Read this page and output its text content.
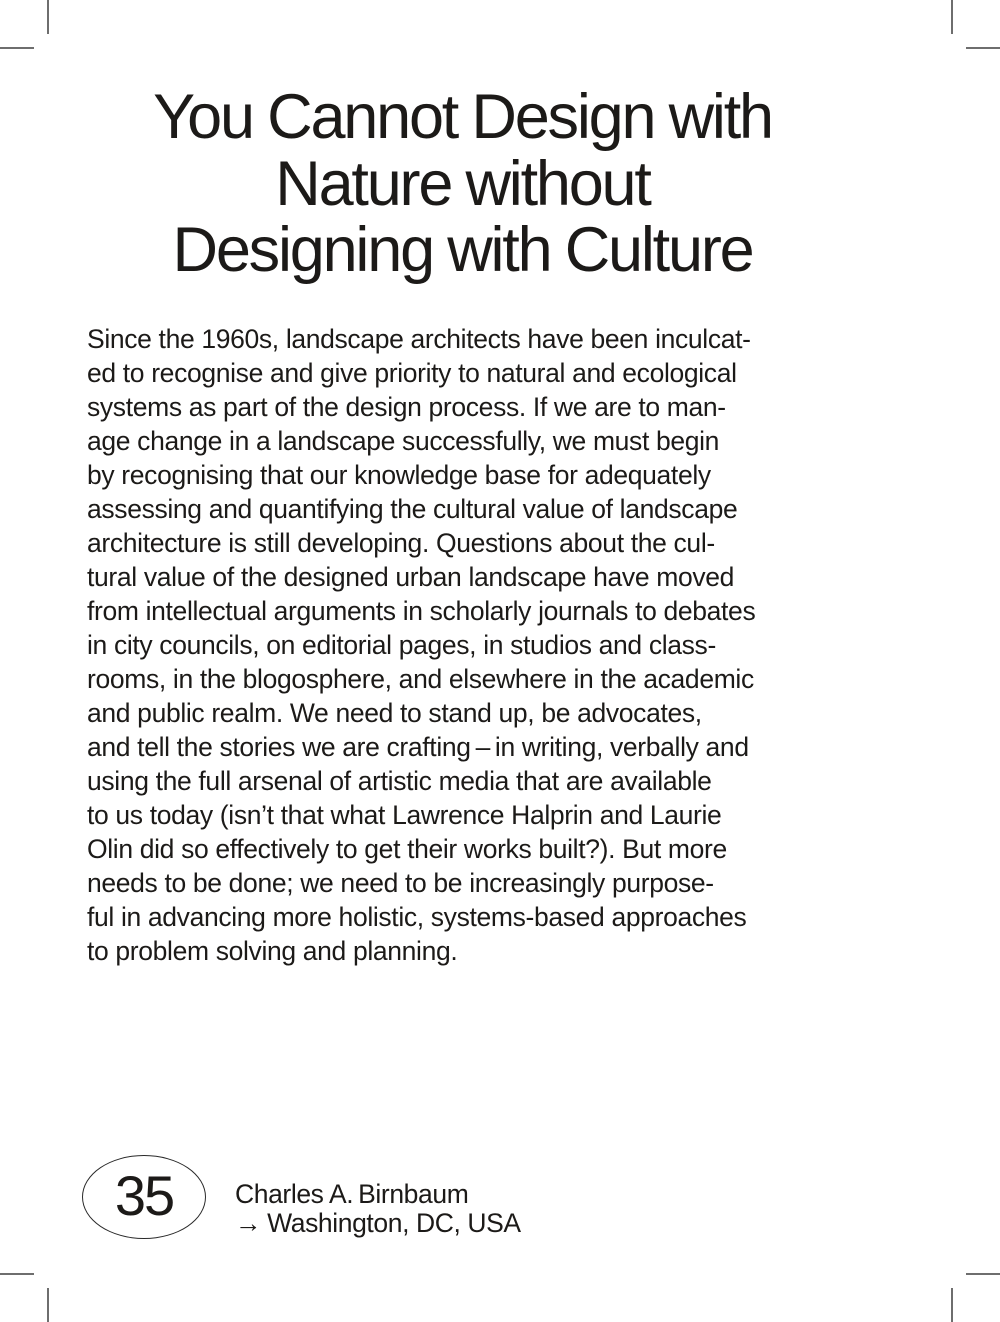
You Cannot Design with
Nature without
Designing with Culture

Since the 1960s, landscape architects have been inculcat-
ed to recognise and give priority to natural and ecological
systems as part of the design process. If we are to man-
age change in a landscape successfully, we must begin
by recognising that our knowledge base for adequately
assessing and quantifying the cultural value of landscape
architecture is still developing. Questions about the cul-
tural value of the designed urban landscape have moved
from intellectual arguments in scholarly journals to debates
in city councils, on editorial pages, in studios and class-
rooms, in the blogosphere, and elsewhere in the academic
and public realm. We need to stand up, be advocates,
and tell the stories we are crafting – in writing, verbally and
using the full arsenal of artistic media that are available
to us today (isn’t that what Lawrence Halprin and Laurie
Olin did so effectively to get their works built?). But more
needs to be done; we need to be increasingly purpose-
ful in advancing more holistic, systems-based approaches
to problem solving and planning.

35 Charles A. Birnbaum
→ Washington, DC, USA
